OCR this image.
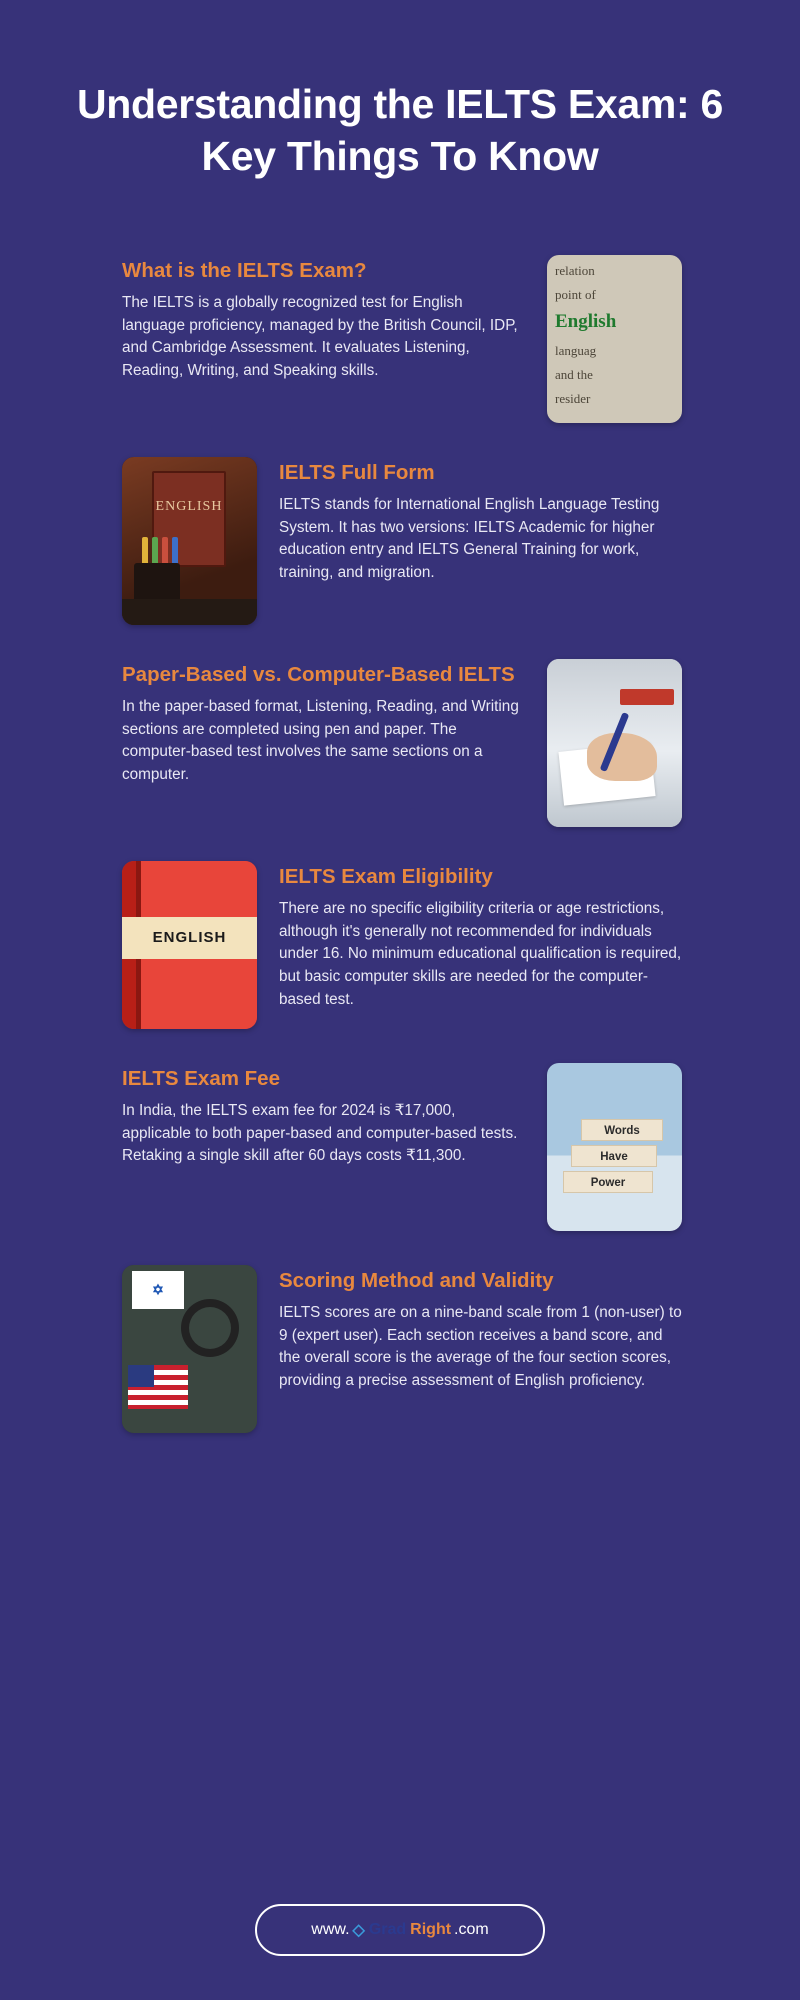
Understanding the IELTS Exam: 6 Key Things To Know
What is the IELTS Exam?
The IELTS is a globally recognized test for English language proficiency, managed by the British Council, IDP, and Cambridge Assessment. It evaluates Listening, Reading, Writing, and Speaking skills.
relation
point of
English
languag
and the
resider
IELTS Full Form
IELTS stands for International English Language Testing System. It has two versions: IELTS Academic for higher education entry and IELTS General Training for work, training, and migration.
ENGLISH
Paper-Based vs. Computer-Based IELTS
In the paper-based format, Listening, Reading, and Writing sections are completed using pen and paper. The computer-based test involves the same sections on a computer.
IELTS Exam Eligibility
There are no specific eligibility criteria or age restrictions, although it's generally not recommended for individuals under 16. No minimum educational qualification is required, but basic computer skills are needed for the computer-based test.
ENGLISH
IELTS Exam Fee
In India, the IELTS exam fee for 2024 is ₹17,000, applicable to both paper-based and computer-based tests. Retaking a single skill after 60 days costs ₹11,300.
Words
Have
Power
Scoring Method and Validity
IELTS scores are on a nine-band scale from 1 (non-user) to 9 (expert user). Each section receives a band score, and the overall score is the average of the four section scores, providing a precise assessment of English proficiency.
✡
www. ◇ Grad Right .com
